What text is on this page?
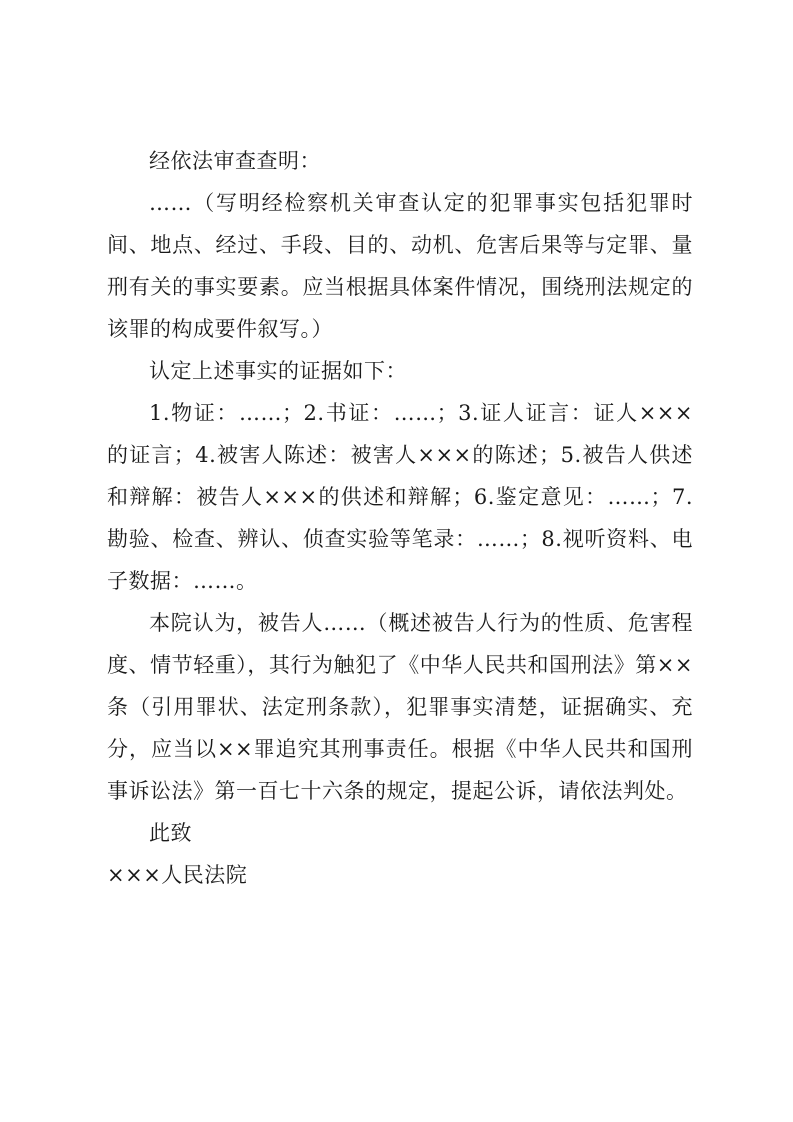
经依法审查查明：

……（写明经检察机关审查认定的犯罪事实包括犯罪时间、地点、经过、手段、目的、动机、危害后果等与定罪、量刑有关的事实要素。应当根据具体案件情况，围绕刑法规定的该罪的构成要件叙写。）

认定上述事实的证据如下：

1.物证：……；2.书证：……；3.证人证言：证人×××的证言；4.被害人陈述：被害人×××的陈述；5.被告人供述和辩解：被告人×××的供述和辩解；6.鉴定意见：……；7.勘验、检查、辨认、侦查实验等笔录：……；8.视听资料、电子数据：……。

本院认为，被告人……（概述被告人行为的性质、危害程度、情节轻重），其行为触犯了《中华人民共和国刑法》第××条（引用罪状、法定刑条款），犯罪事实清楚，证据确实、充分，应当以××罪追究其刑事责任。根据《中华人民共和国刑事诉讼法》第一百七十六条的规定，提起公诉，请依法判处。

此致

×××人民法院
